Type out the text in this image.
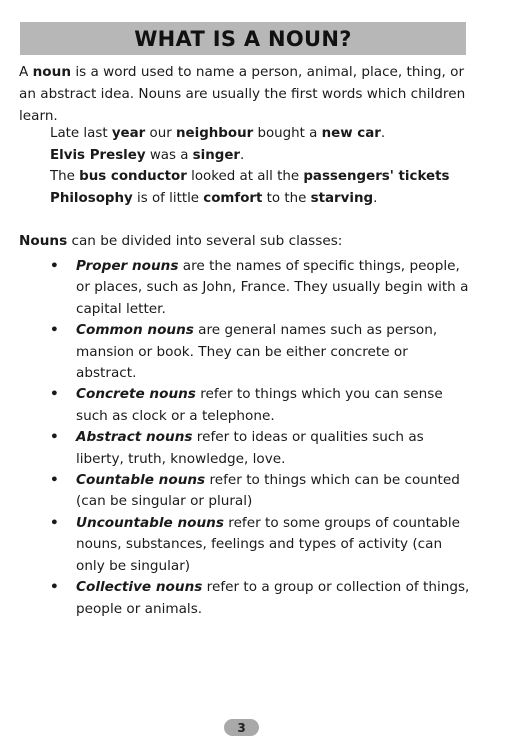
WHAT IS A NOUN?

A noun is a word used to name a person, animal, place, thing, or an abstract idea. Nouns are usually the first words which children learn.

Late last year our neighbour bought a new car.
Elvis Presley was a singer.
The bus conductor looked at all the passengers' tickets
Philosophy is of little comfort to the starving.

Nouns can be divided into several sub classes:

• Proper nouns are the names of specific things, people, or places, such as John, France. They usually begin with a capital letter.
• Common nouns are general names such as person, mansion or book. They can be either concrete or abstract.
• Concrete nouns refer to things which you can sense such as clock or a telephone.
• Abstract nouns refer to ideas or qualities such as liberty, truth, knowledge, love.
• Countable nouns refer to things which can be counted (can be singular or plural)
• Uncountable nouns refer to some groups of countable nouns, substances, feelings and types of activity (can only be singular)
• Collective nouns refer to a group or collection of things, people or animals.
3
